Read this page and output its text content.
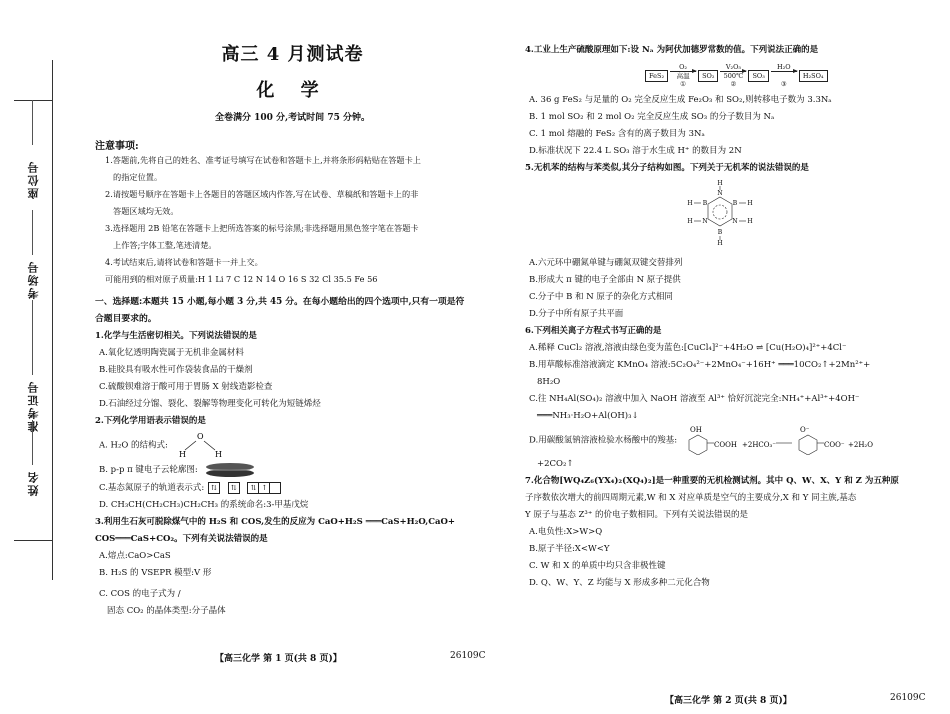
座位号
考场号
准考证号
姓名
高三 4 月测试卷
化 学
全卷满分 100 分,考试时间 75 分钟。
注意事项:

1.答题前,先将自己的姓名、准考证号填写在试卷和答题卡上,并将条形码粘贴在答题卡上

的指定位置。

2.请按题号顺序在答题卡上各题目的答题区域内作答,写在试卷、草稿纸和答题卡上的非

答题区域均无效。

3.选择题用 2B 铅笔在答题卡上把所选答案的标号涂黑;非选择题用黑色签字笔在答题卡

上作答;字体工整,笔迹清楚。

4.考试结束后,请将试卷和答题卡一并上交。

可能用到的相对原子质量:H 1 Li 7 C 12 N 14 O 16 S 32 Cl 35.5 Fe 56

一、选择题:本题共 15 小题,每小题 3 分,共 45 分。在每小题给出的四个选项中,只有一项是符

合题目要求的。

1.化学与生活密切相关。下列说法错误的是

A.氧化钇透明陶瓷属于无机非金属材料

B.硅胶具有吸水性可作袋装食品的干燥剂

C.硫酸钡难溶于酸可用于胃肠 X 射线造影检查

D.石油经过分馏、裂化、裂解等物理变化可转化为短链烯烃

2.下列化学用语表示错误的是

A. H₂O 的结构式:
O
H	H

B. p-p π 键电子云轮廓图:

C.基态氮原子的轨道表示式: ⇅
	⇅
	⇅ ↑

D. CH₃CH(CH₂CH₃)CH₂CH₃ 的系统命名:3-甲基戊烷

3.利用生石灰可脱除煤气中的 H₂S 和 COS,发生的反应为 CaO+H₂S ═══CaS+H₂O,CaO+

COS═══CaS+CO₂。下列有关说法错误的是

A.熔点:CaO>CaS

B. H₂S 的 VSEPR 模型:V 形

C. COS 的电子式为 /

固态 CO₂ 的晶体类型:分子晶体

【高三化学 第 1 页(共 8 页)】	26109C

4.工业上生产硫酸原理如下:设 Nₐ 为阿伏加德罗常数的值。下列说法正确的是

FeS₂
O₂
高温
①
SO₂
V₂O₅
500℃
②
SO₃
H₂O

③
H₂SO₄

A. 36 g FeS₂ 与足量的 O₂ 完全反应生成 Fe₂O₃ 和 SO₂,则转移电子数为 3.3Nₐ

B. 1 mol SO₂ 和 2 mol O₂ 完全反应生成 SO₃ 的分子数目为 Nₐ

C. 1 mol 熔融的 FeS₂ 含有的离子数目为 3Nₐ

D.标准状况下 22.4 L SO₃ 溶于水生成 H⁺ 的数目为 2N

5.无机苯的结构与苯类似,其分子结构如图。下列关于无机苯的说法错误的是

H
N
B
H	H
B
N
H	H
N
B
H

A.六元环中硼氮单键与硼氮双键交替排列

B.形成大 π 键的电子全部由 N 原子提供

C.分子中 B 和 N 原子的杂化方式相同

D.分子中所有原子共平面

6.下列相关离子方程式书写正确的是

A.稀释 CuCl₂ 溶液,溶液由绿色变为蓝色:[CuCl₄]²⁻+4H₂O ⇌ [Cu(H₂O)₄]²⁺+4Cl⁻

B.用草酸标准溶液滴定 KMnO₄ 溶液:5C₂O₄²⁻+2MnO₄⁻+16H⁺ ═══10CO₂↑+2Mn²⁺+

8H₂O

C.往 NH₄Al(SO₄)₂ 溶液中加入 NaOH 溶液至 Al³⁺ 恰好沉淀完全:NH₄⁺+Al³⁺+4OH⁻

═══NH₃·H₂O+Al(OH)₃↓

D.用碳酸氢钠溶液检验水杨酸中的羧基:
OH
COOH +2HCO₃⁻
O⁻
COO⁻ +2H₂O

+2CO₂↑

7.化合物[WQ₄Z₆(YX₄)₂(XQ₄)₂]是一种重要的无机检测试剂。其中 Q、W、X、Y 和 Z 为五种原

子序数依次增大的前四周期元素,W 和 X 对应单质是空气的主要成分,X 和 Y 同主族,基态

Y 原子与基态 Z³⁺ 的价电子数相同。下列有关说法错误的是

A.电负性:X>W>Q

B.原子半径:X<W<Y

C. W 和 X 的单质中均只含非极性键

D. Q、W、Y、Z 均能与 X 形成多种二元化合物

【高三化学 第 2 页(共 8 页)】	26109C
